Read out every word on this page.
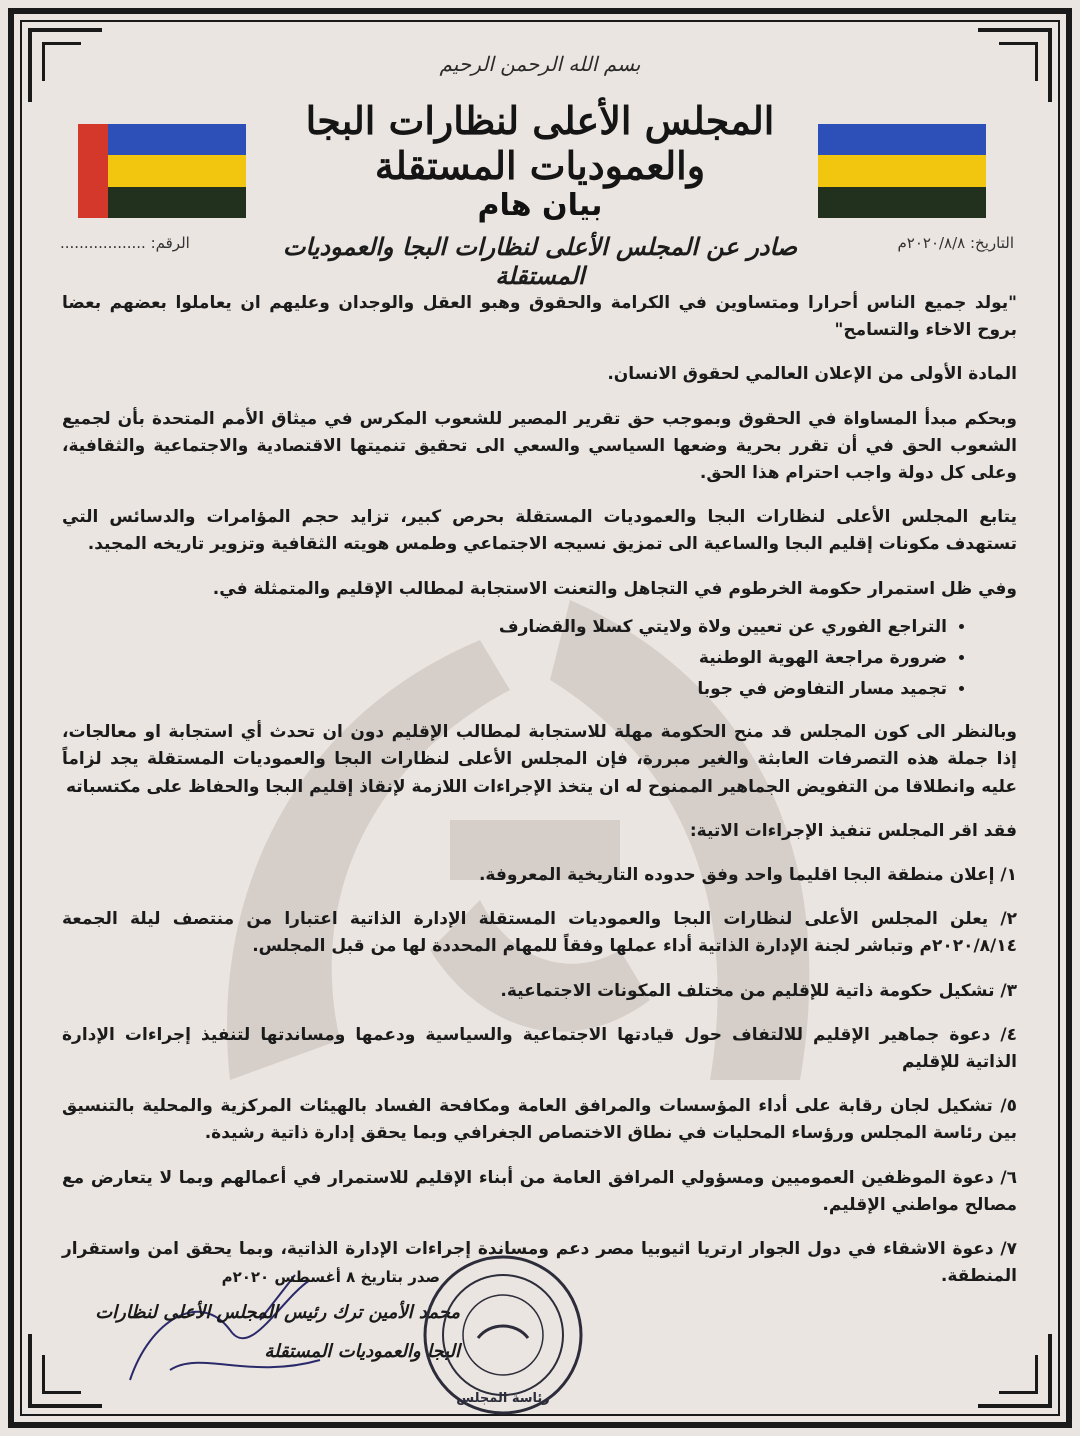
بسم الله الرحمن الرحيم
المجلس الأعلى لنظارات البجا والعموديات المستقلة
بيان هام
صادر عن المجلس الأعلى لنظارات البجا والعموديات المستقلة
التاريخ: ٢٠٢٠/٨/٨م
الرقم: ..................

"يولد جميع الناس أحرارا ومتساوين في الكرامة والحقوق وهبو العقل والوجدان وعليهم ان يعاملوا بعضهم بعضا بروح الاخاء والتسامح"

المادة الأولى من الإعلان العالمي لحقوق الانسان.

وبحكم مبدأ المساواة في الحقوق وبموجب حق تقرير المصير للشعوب المكرس في ميثاق الأمم المتحدة بأن لجميع الشعوب الحق في أن تقرر بحرية وضعها السياسي والسعي الى تحقيق تنميتها الاقتصادية والاجتماعية والثقافية، وعلى كل دولة واجب احترام هذا الحق.

يتابع المجلس الأعلى لنظارات البجا والعموديات المستقلة بحرص كبير، تزايد حجم المؤامرات والدسائس التي تستهدف مكونات إقليم البجا والساعية الى تمزيق نسيجه الاجتماعي وطمس هويته الثقافية وتزوير تاريخه المجيد.

وفي ظل استمرار حكومة الخرطوم في التجاهل والتعنت الاستجابة لمطالب الإقليم والمتمثلة في.

• التراجع الفوري عن تعيين ولاة ولايتي كسلا والقضارف
• ضرورة مراجعة الهوية الوطنية
• تجميد مسار التفاوض في جوبا

وبالنظر الى كون المجلس قد منح الحكومة مهلة للاستجابة لمطالب الإقليم دون ان تحدث أي استجابة او معالجات، إذا جملة هذه التصرفات العابثة والغير مبررة، فإن المجلس الأعلى لنظارات البجا والعموديات المستقلة يجد لزاماً عليه وانطلاقا من التفويض الجماهير الممنوح له ان يتخذ الإجراءات اللازمة لإنقاذ إقليم البجا والحفاظ على مكتسباته

فقد اقر المجلس تنفيذ الإجراءات الاتية:

١/ إعلان منطقة البجا اقليما واحد وفق حدوده التاريخية المعروفة.

٢/ يعلن المجلس الأعلى لنظارات البجا والعموديات المستقلة الإدارة الذاتية اعتبارا من منتصف ليلة الجمعة ٢٠٢٠/٨/١٤م وتباشر لجنة الإدارة الذاتية أداء عملها وفقاً للمهام المحددة لها من قبل المجلس.

٣/ تشكيل حكومة ذاتية للإقليم من مختلف المكونات الاجتماعية.

٤/ دعوة جماهير الإقليم للالتفاف حول قيادتها الاجتماعية والسياسية ودعمها ومساندتها لتنفيذ إجراءات الإدارة الذاتية للإقليم

٥/ تشكيل لجان رقابة على أداء المؤسسات والمرافق العامة ومكافحة الفساد بالهيئات المركزية والمحلية بالتنسيق بين رئاسة المجلس ورؤساء المحليات في نطاق الاختصاص الجغرافي وبما يحقق إدارة ذاتية رشيدة.

٦/ دعوة الموظفين العموميين ومسؤولي المرافق العامة من أبناء الإقليم للاستمرار في أعمالهم وبما لا يتعارض مع مصالح مواطني الإقليم.

٧/ دعوة الاشقاء في دول الجوار ارتريا اثيوبيا مصر دعم ومساندة إجراءات الإدارة الذاتية، وبما يحقق امن واستقرار المنطقة.

صدر بتاريخ ٨ أغسطس ٢٠٢٠م
محمد الأمين ترك رئيس المجلس الأعلى لنظارات
البجا والعموديات المستقلة
رئاسة المجلس
